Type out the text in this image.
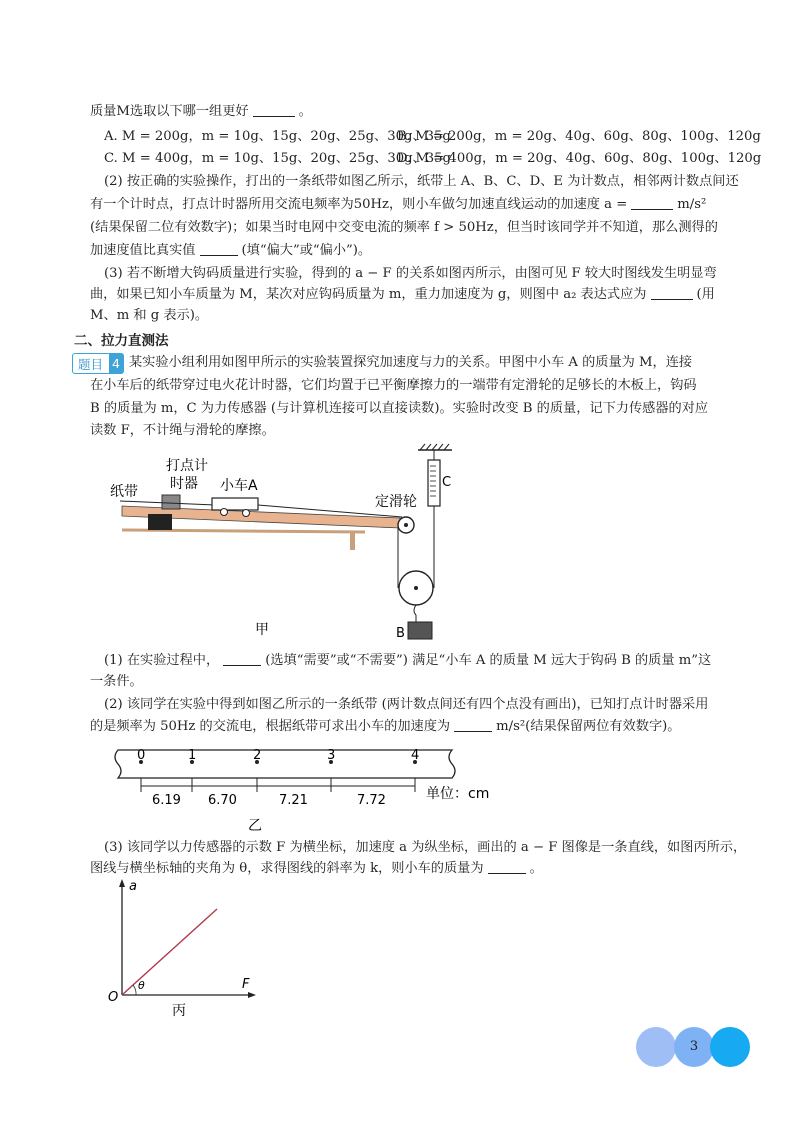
质量M选取以下哪一组更好	。
A. M = 200g，m = 10g、15g、20g、25g、30g、35g
B. M = 200g，m = 20g、40g、60g、80g、100g、120g
C. M = 400g，m = 10g、15g、20g、25g、30g、35g
D. M = 400g，m = 20g、40g、60g、80g、100g、120g
(2) 按正确的实验操作，打出的一条纸带如图乙所示，纸带上 A、B、C、D、E 为计数点，相邻两计数点间还
有一个计时点，打点计时器所用交流电频率为50Hz，则小车做匀加速直线运动的加速度 a =	m/s²
(结果保留二位有效数字)；如果当时电网中交变电流的频率 f > 50Hz，但当时该同学并不知道，那么测得的
加速度值比真实值	(填“偏大”或“偏小”)。
(3) 若不断增大钩码质量进行实验，得到的 a − F 的关系如图丙所示，由图可见 F 较大时图线发生明显弯
曲，如果已知小车质量为 M，某次对应钩码质量为 m，重力加速度为 g，则图中 a₂ 表达式应为	(用
M、m 和 g 表示)。
二、拉力直测法
题目 4 某实验小组利用如图甲所示的实验装置探究加速度与力的关系。甲图中小车 A 的质量为 M，连接
在小车后的纸带穿过电火花计时器，它们均置于已平衡摩擦力的一端带有定滑轮的足够长的木板上，钩码
B 的质量为 m，C 为力传感器 (与计算机连接可以直接读数)。实验时改变 B 的质量，记下力传感器的对应
读数 F，不计绳与滑轮的摩擦。
C
B
纸带
打点计
时器 小车A
定滑轮
甲
(1) 在实验过程中，	(选填“需要”或“不需要”) 满足“小车 A 的质量 M 远大于钩码 B 的质量 m”这
一条件。
(2) 该同学在实验中得到如图乙所示的一条纸带 (两计数点间还有四个点没有画出)，已知打点计时器采用
的是频率为 50Hz 的交流电，根据纸带可求出小车的加速度为	m/s²(结果保留两位有效数字)。
0	1	2	3	4
6.19 6.70	7.21	7.72	单位：cm
乙
(3) 该同学以力传感器的示数 F 为横坐标，加速度 a 为纵坐标，画出的 a − F 图像是一条直线，如图丙所示，
图线与横坐标轴的夹角为 θ，求得图线的斜率为 k，则小车的质量为	。
a
F
O
θ
丙
3
